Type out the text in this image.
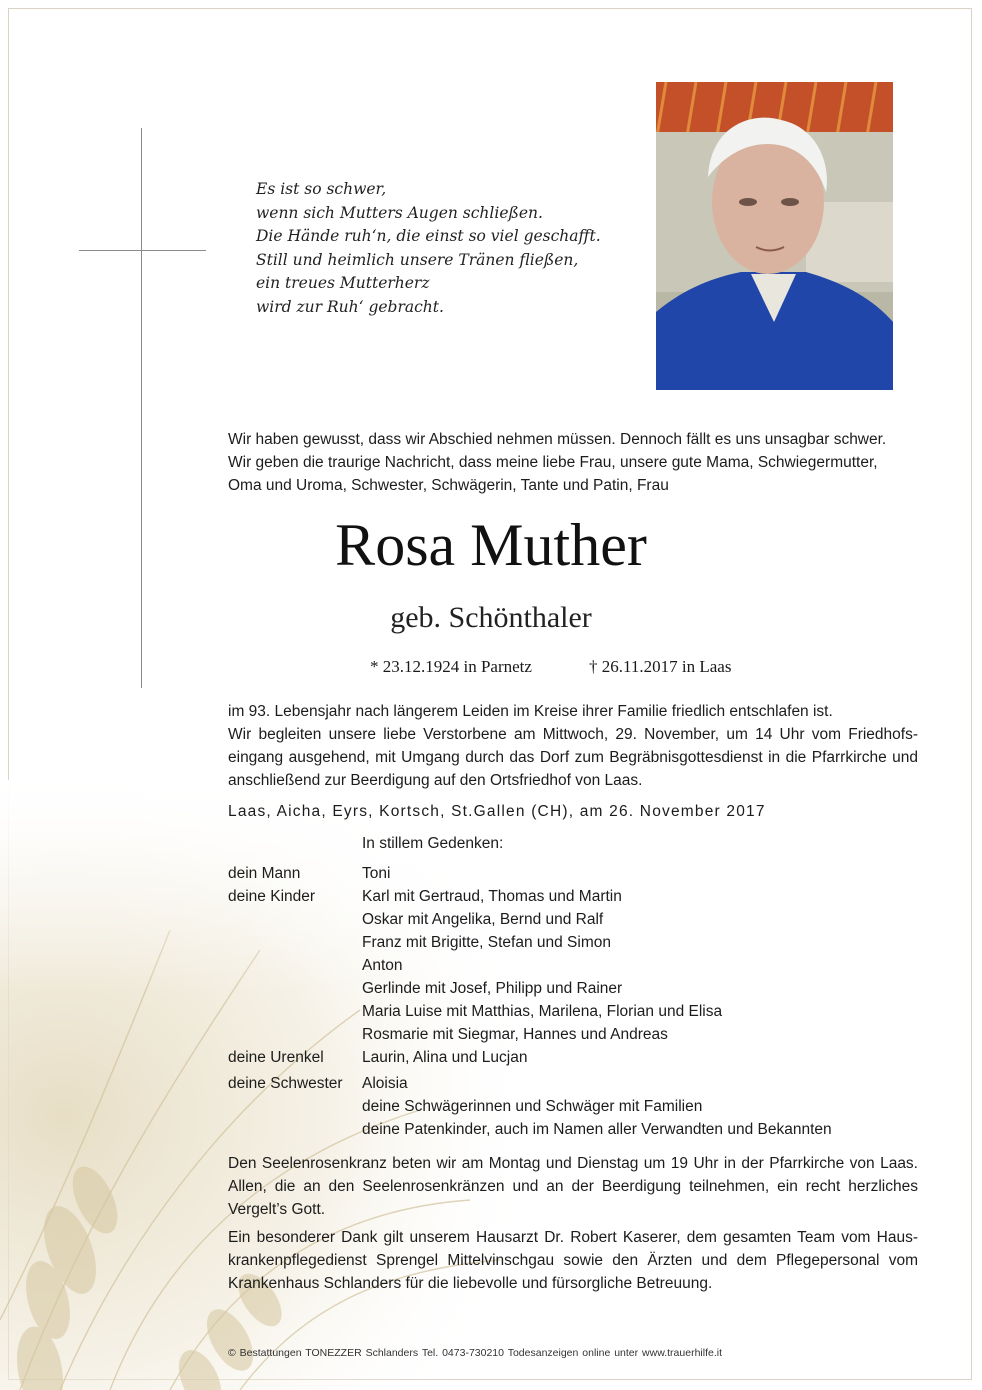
Es ist so schwer,
wenn sich Mutters Augen schließen.
Die Hände ruh‘n, die einst so viel geschafft.
Still und heimlich unsere Tränen fließen,
ein treues Mutterherz
wird zur Ruh‘ gebracht.
Wir haben gewusst, dass wir Abschied nehmen müssen. Dennoch fällt es uns unsagbar schwer.
Wir geben die traurige Nachricht, dass meine liebe Frau, unsere gute Mama, Schwiegermutter,
Oma und Uroma, Schwester, Schwägerin, Tante und Patin, Frau
Rosa Muther
geb. Schönthaler
* 23.12.1924 in Parnetz	† 26.11.2017 in Laas

im 93. Lebensjahr nach längerem Leiden im Kreise ihrer Familie friedlich entschlafen ist.

Wir begleiten unsere liebe Verstorbene am Mittwoch, 29. November, um 14 Uhr vom Friedhofs-eingang ausgehend, mit Umgang durch das Dorf zum Begräbnisgottesdienst in die Pfarrkirche und anschließend zur Beerdigung auf den Ortsfriedhof von Laas.

Laas, Aicha, Eyrs, Kortsch, St.Gallen (CH), am 26. November 2017
In stillem Gedenken:
dein Mann	Toni
deine Kinder	Karl mit Gertraud, Thomas und Martin
Oskar mit Angelika, Bernd und Ralf
Franz mit Brigitte, Stefan und Simon
Anton
Gerlinde mit Josef, Philipp und Rainer
Maria Luise mit Matthias, Marilena, Florian und Elisa
Rosmarie mit Siegmar, Hannes und Andreas
deine Urenkel	Laurin, Alina und Lucjan
deine Schwester	Aloisia
deine Schwägerinnen und Schwäger mit Familien
deine Patenkinder, auch im Namen aller Verwandten und Bekannten

Den Seelenrosenkranz beten wir am Montag und Dienstag um 19 Uhr in der Pfarrkirche von Laas. Allen, die an den Seelenrosenkränzen und an der Beerdigung teilnehmen, ein recht herzliches Vergelt’s Gott.

Ein besonderer Dank gilt unserem Hausarzt Dr. Robert Kaserer, dem gesamten Team vom Haus-krankenpflegedienst Sprengel Mittelvinschgau sowie den Ärzten und dem Pflegepersonal vom Krankenhaus Schlanders für die liebevolle und fürsorgliche Betreuung.

© Bestattungen TONEZZER Schlanders Tel. 0473-730210 Todesanzeigen online unter www.trauerhilfe.it
